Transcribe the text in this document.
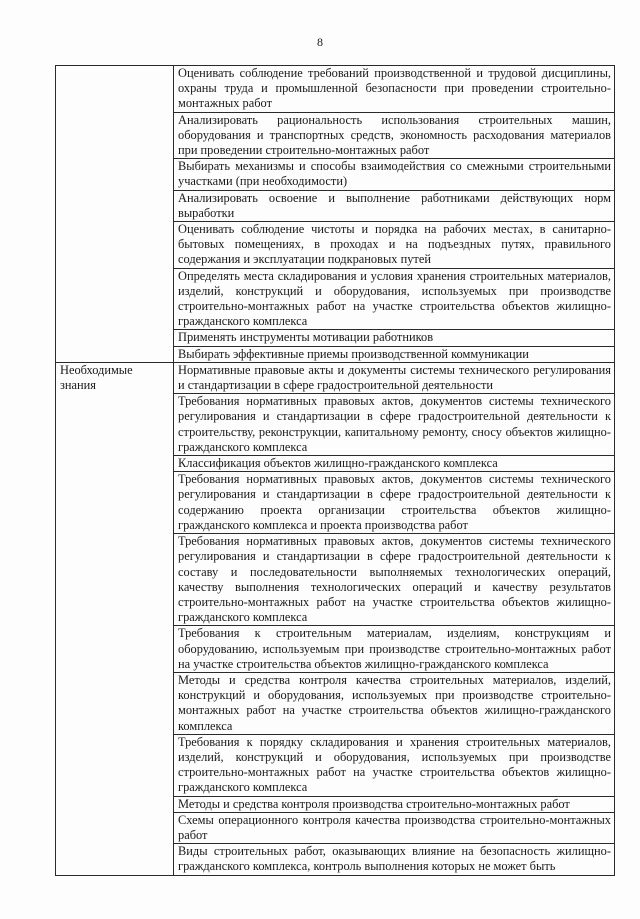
8

	Оценивать соблюдение требований производственной и трудовой дисциплины, охраны труда и промышленной безопасности при проведении строительно-монтажных работ

	Анализировать рациональность использования строительных машин, оборудования и транспортных средств, экономность расходования материалов при проведении строительно-монтажных работ

	Выбирать механизмы и способы взаимодействия со смежными строительными участками (при необходимости)

	Анализировать освоение и выполнение работниками действующих норм выработки

	Оценивать соблюдение чистоты и порядка на рабочих местах, в санитарно-бытовых помещениях, в проходах и на подъездных путях, правильного содержания и эксплуатации подкрановых путей

	Определять места складирования и условия хранения строительных материалов, изделий, конструкций и оборудования, используемых при производстве строительно-монтажных работ на участке строительства объектов жилищно-гражданского комплекса

	Применять инструменты мотивации работников

	Выбирать эффективные приемы производственной коммуникации

Необходимые знания	Нормативные правовые акты и документы системы технического регулирования и стандартизации в сфере градостроительной деятельности

	Требования нормативных правовых актов, документов системы технического регулирования и стандартизации в сфере градостроительной деятельности к строительству, реконструкции, капитальному ремонту, сносу объектов жилищно-гражданского комплекса

	Классификация объектов жилищно-гражданского комплекса

	Требования нормативных правовых актов, документов системы технического регулирования и стандартизации в сфере градостроительной деятельности к содержанию проекта организации строительства объектов жилищно-гражданского комплекса и проекта производства работ

	Требования нормативных правовых актов, документов системы технического регулирования и стандартизации в сфере градостроительной деятельности к составу и последовательности выполняемых технологических операций, качеству выполнения технологических операций и качеству результатов строительно-монтажных работ на участке строительства объектов жилищно-гражданского комплекса

	Требования к строительным материалам, изделиям, конструкциям и оборудованию, используемым при производстве строительно-монтажных работ на участке строительства объектов жилищно-гражданского комплекса

	Методы и средства контроля качества строительных материалов, изделий, конструкций и оборудования, используемых при производстве строительно-монтажных работ на участке строительства объектов жилищно-гражданского комплекса

	Требования к порядку складирования и хранения строительных материалов, изделий, конструкций и оборудования, используемых при производстве строительно-монтажных работ на участке строительства объектов жилищно-гражданского комплекса

	Методы и средства контроля производства строительно-монтажных работ

	Схемы операционного контроля качества производства строительно-монтажных работ

	Виды строительных работ, оказывающих влияние на безопасность жилищно-гражданского комплекса, контроль выполнения которых не может быть
